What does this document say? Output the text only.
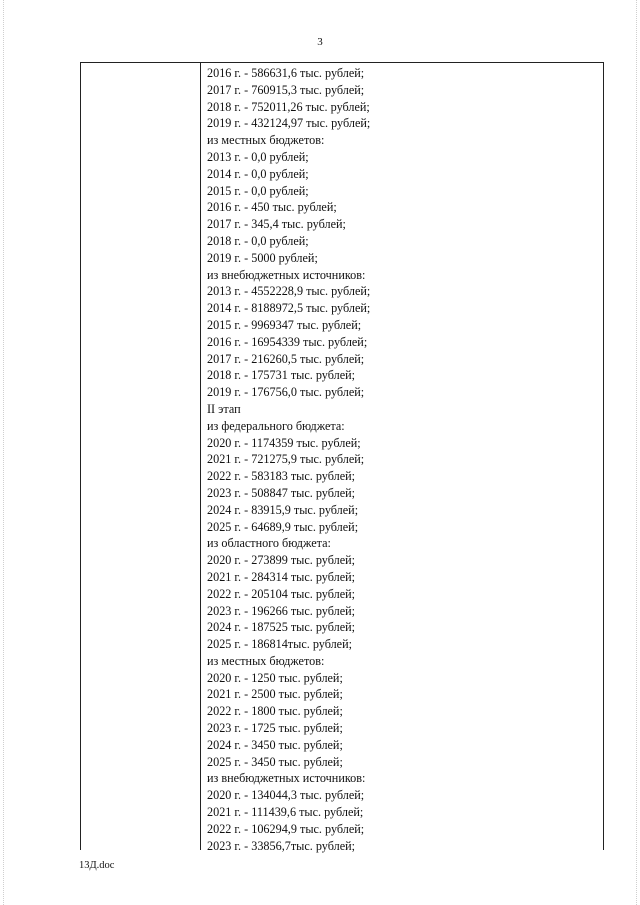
3
2016 г. - 586631,6 тыс. рублей;
2017 г. - 760915,3 тыс. рублей;
2018 г. - 752011,26 тыс. рублей;
2019 г. - 432124,97 тыс. рублей;
из местных бюджетов:
2013 г. - 0,0 рублей;
2014 г. - 0,0 рублей;
2015 г. - 0,0 рублей;
2016 г. - 450 тыс. рублей;
2017 г. - 345,4 тыс. рублей;
2018 г. - 0,0 рублей;
2019 г. - 5000 рублей;
из внебюджетных источников:
2013 г. - 4552228,9 тыс. рублей;
2014 г. - 8188972,5 тыс. рублей;
2015 г. - 9969347 тыс. рублей;
2016 г. - 16954339 тыс. рублей;
2017 г. - 216260,5 тыс. рублей;
2018 г. - 175731 тыс. рублей;
2019 г. - 176756,0 тыс. рублей;
II этап
из федерального бюджета:
2020 г. - 1174359 тыс. рублей;
2021 г. - 721275,9 тыс. рублей;
2022 г. - 583183 тыс. рублей;
2023 г. - 508847 тыс. рублей;
2024 г. - 83915,9 тыс. рублей;
2025 г. - 64689,9 тыс. рублей;
из областного бюджета:
2020 г. - 273899 тыс. рублей;
2021 г. - 284314 тыс. рублей;
2022 г. - 205104 тыс. рублей;
2023 г. - 196266 тыс. рублей;
2024 г. - 187525 тыс. рублей;
2025 г. - 186814тыс. рублей;
из местных бюджетов:
2020 г. - 1250 тыс. рублей;
2021 г. - 2500 тыс. рублей;
2022 г. - 1800 тыс. рублей;
2023 г. - 1725 тыс. рублей;
2024 г. - 3450 тыс. рублей;
2025 г. - 3450 тыс. рублей;
из внебюджетных источников:
2020 г. - 134044,3 тыс. рублей;
2021 г. - 111439,6 тыс. рублей;
2022 г. - 106294,9 тыс. рублей;
2023 г. - 33856,7тыс. рублей;
13Д.doc
